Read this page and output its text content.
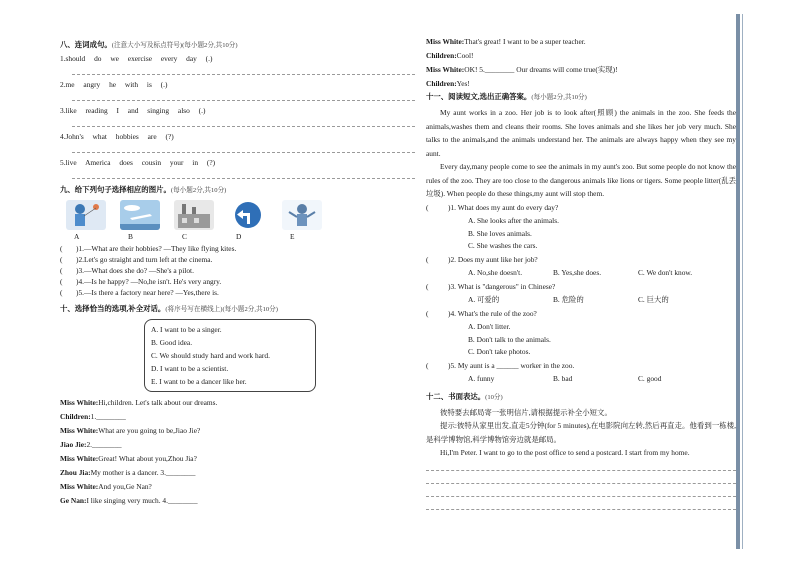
八、连词成句。(注意大小写及标点符号)(每小题2分,共10分)

1.should do we exercise every day (.)

2.me angry he with is (.)

3.like reading I and singing also (.)

4.John's what hobbies are (?)

5.live America does cousin your in (?)

九、给下列句子选择相应的图片。(每小题2分,共10分)
A	B	C	D	E
(	)1.—What are their hobbies? —They like flying kites.
(	)2.Let's go straight and turn left at the cinema.
(	)3.—What does she do? —She's a pilot.
(	)4.—Is he happy? —No,he isn't. He's very angry.
(	)5.—Is there a factory near here? —Yes,there is.
十、选择恰当的选项,补全对话。(将序号写在横线上)(每小题2分,共10分)
A. I want to be a singer.
B. Good idea.
C. We should study hard and work hard.
D. I want to be a scientist.
E. I want to be a dancer like her.
Miss White:Hi,children. Let's talk about our dreams.
Children:1.________
Miss White:What are you going to be,Jiao Jie?
Jiao Jie:2.________
Miss White:Great! What about you,Zhou Jia?
Zhou Jia:My mother is a dancer. 3.________
Miss White:And you,Ge Nan?
Ge Nan:I like singing very much. 4.________
Miss White:That's great! I want to be a super teacher.
Children:Cool!
Miss White:OK! 5.________ Our dreams will come true(实现)!
Children:Yes!
十一、阅读短文,选出正确答案。(每小题2分,共10分)

My aunt works in a zoo. Her job is to look after(照顾) the animals in the zoo. She feeds the animals,washes them and cleans their rooms. She loves animals and she likes her job very much. She talks to the animals,and the animals understand her. The animals are always happy when they see my aunt.

Every day,many people come to see the animals in my aunt's zoo. But some people do not know the rules of the zoo. They are too close to the dangerous animals like lions or tigers. Some people litter(乱丢垃圾). When people do these things,my aunt will stop them.

(	)1. What does my aunt do every day?
A. She looks after the animals.
B. She loves animals.
C. She washes the cars.
(	)2. Does my aunt like her job?
A. No,she doesn't.	B. Yes,she does.	C. We don't know.
(	)3. What is "dangerous" in Chinese?
A. 可爱的	B. 危险的	C. 巨大的
(	)4. What's the rule of the zoo?
A. Don't litter.
B. Don't talk to the animals.
C. Don't take photos.
(	)5. My aunt is a ______ worker in the zoo.
A. funny	B. bad	C. good
十二、书面表达。(10分)

彼特要去邮局寄一张明信片,请根据提示补全小短文。

提示:彼特从家里出发,直走5分钟(for 5 minutes),在电影院向左转,然后再直走。他看到一栋楼,是科学博物馆,科学博物馆旁边就是邮局。

Hi,I'm Peter. I want to go to the post office to send a postcard. I start from my home.
